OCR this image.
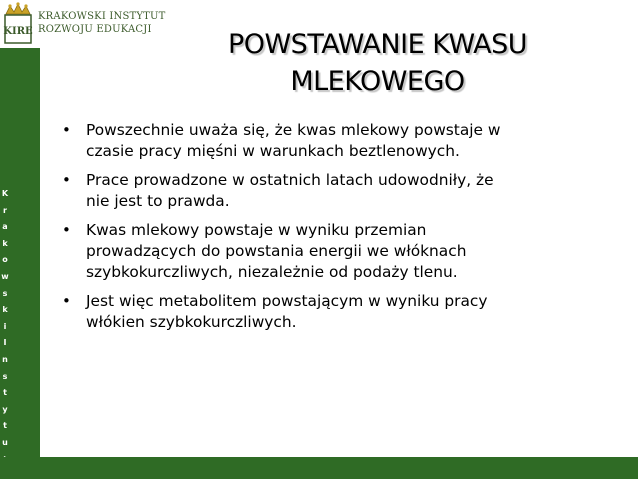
K
r
a
k
o
w
s
k
i
I
n
s
t
y
t
u
KIRE
KRAKOWSKI INSTYTUT
ROZWOJU EDUKACJI	POWSTAWANIE KWASU
MLEKOWEGO
• Powszechnie uważa się, że kwas mlekowy powstaje w
czasie pracy mięśni w warunkach beztlenowych.
• Prace prowadzone w ostatnich latach udowodniły, że
nie jest to prawda.
• Kwas mlekowy powstaje w wyniku przemian
prowadzących do powstania energii we włóknach
szybkokurczliwych, niezależnie od podaży tlenu.
• Jest więc metabolitem powstającym w wyniku pracy
włókien szybkokurczliwych.
